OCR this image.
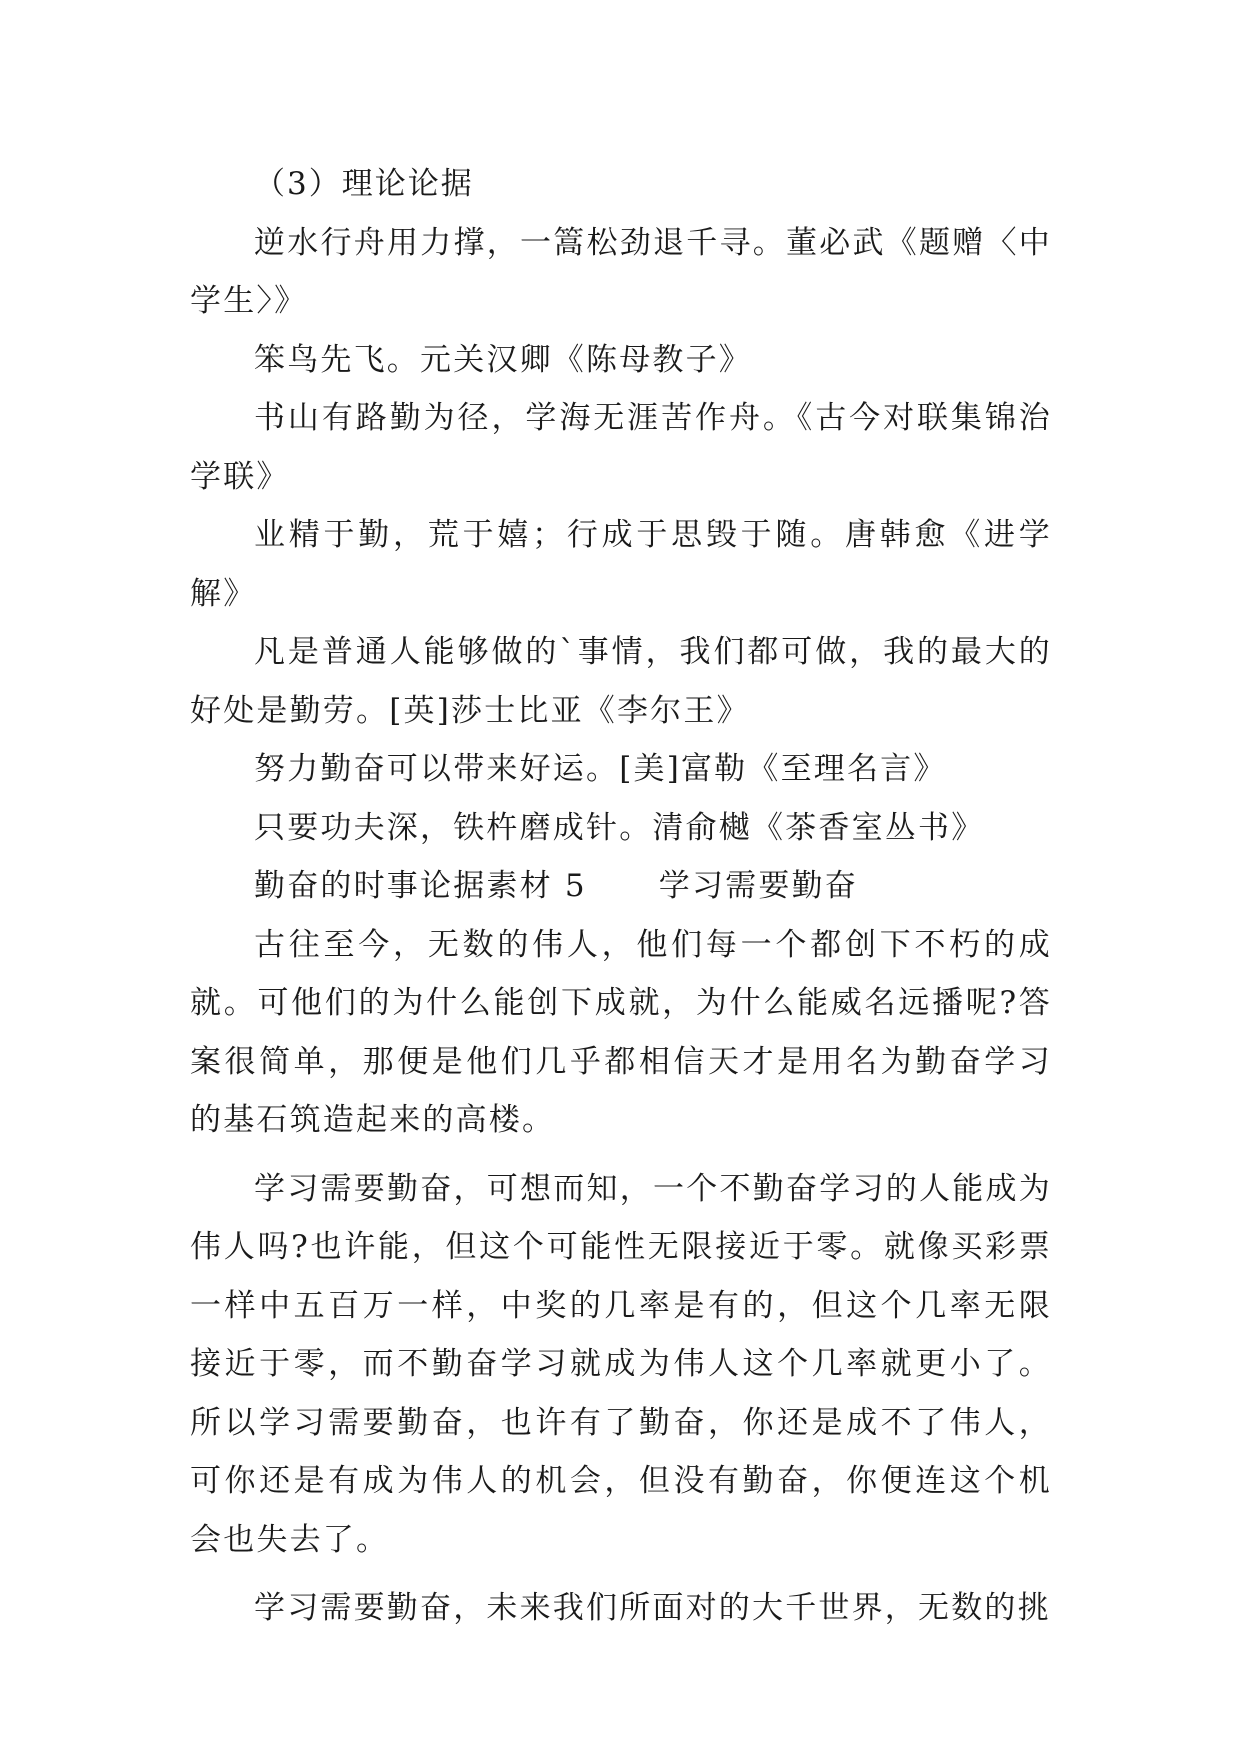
（3）理论论据

逆水行舟用力撑，一篙松劲退千寻。董必武《题赠〈中学生〉》

笨鸟先飞。元关汉卿《陈母教子》

书山有路勤为径，学海无涯苦作舟。《古今对联集锦治学联》

业精于勤，荒于嬉；行成于思毁于随。唐韩愈《进学解》

凡是普通人能够做的`事情，我们都可做，我的最大的好处是勤劳。[英]莎士比亚《李尔王》

努力勤奋可以带来好运。[美]富勒《至理名言》

只要功夫深，铁杵磨成针。清俞樾《茶香室丛书》

勤奋的时事论据素材 5 学习需要勤奋

古往至今，无数的伟人，他们每一个都创下不朽的成就。可他们的为什么能创下成就，为什么能威名远播呢?答案很简单，那便是他们几乎都相信天才是用名为勤奋学习的基石筑造起来的高楼。

学习需要勤奋，可想而知，一个不勤奋学习的人能成为伟人吗?也许能，但这个可能性无限接近于零。就像买彩票一样中五百万一样，中奖的几率是有的，但这个几率无限接近于零，而不勤奋学习就成为伟人这个几率就更小了。所以学习需要勤奋，也许有了勤奋，你还是成不了伟人，可你还是有成为伟人的机会，但没有勤奋，你便连这个机会也失去了。

学习需要勤奋，未来我们所面对的大千世界，无数的挑
